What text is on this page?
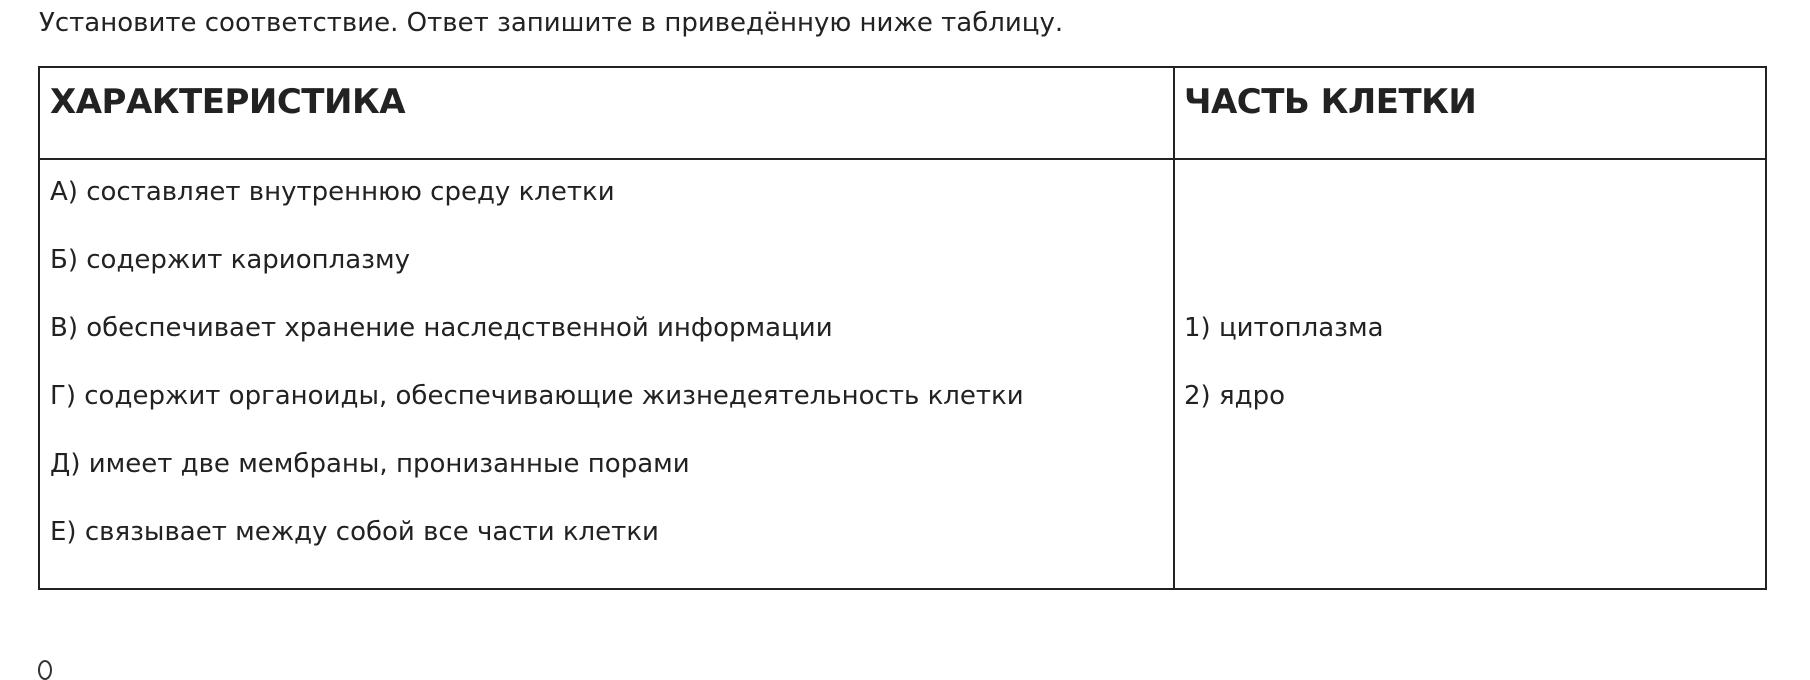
Установите соответствие. Ответ запишите в приведённую ниже таблицу.
ХАРАКТЕРИСТИКА	ЧАСТЬ КЛЕТКИ
А) составляет внутреннюю среду клетки
Б) содержит кариоплазму
В) обеспечивает хранение наследственной информации
Г) содержит органоиды, обеспечивающие жизнедеятельность клетки
Д) имеет две мембраны, пронизанные порами
Е) связывает между собой все части клетки
1) цитоплазма
2) ядро
